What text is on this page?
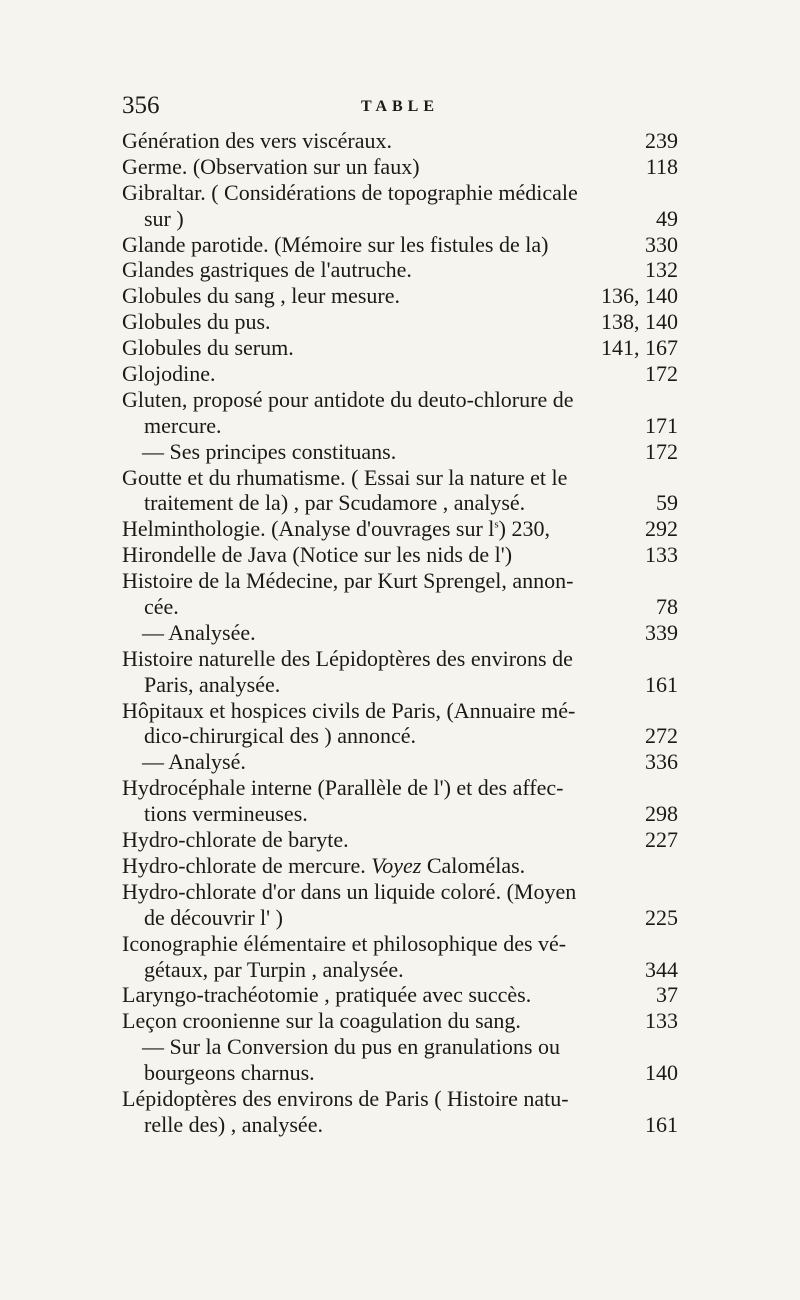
356	TABLE
Génération des vers viscéraux.	239
Germe. (Observation sur un faux)	118
Gibraltar. ( Considérations de topographie médicale
sur )	49
Glande parotide. (Mémoire sur les fistules de la)	330
Glandes gastriques de l'autruche.	132
Globules du sang , leur mesure.	136, 140
Globules du pus.	138, 140
Globules du serum.	141, 167
Glojodine.	172
Gluten, proposé pour antidote du deuto-chlorure de
mercure.	171
— Ses principes constituans.	172
Goutte et du rhumatisme. ( Essai sur la nature et le
traitement de la) , par Scudamore , analysé.	59
Helminthologie. (Analyse d'ouvrages sur $l^s$) 230,	292
Hirondelle de Java (Notice sur les nids de l')	133
Histoire de la Médecine, par Kurt Sprengel, annon-
cée.	78
— Analysée.	339
Histoire naturelle des Lépidoptères des environs de
Paris, analysée.	161
Hôpitaux et hospices civils de Paris, (Annuaire mé-
dico-chirurgical des ) annoncé.	272
— Analysé.	336
Hydrocéphale interne (Parallèle de l') et des affec-
tions vermineuses.	298
Hydro-chlorate de baryte.	227
Hydro-chlorate de mercure. Voyez Calomélas.
Hydro-chlorate d'or dans un liquide coloré. (Moyen
de découvrir l' )	225
Iconographie élémentaire et philosophique des vé-
gétaux, par Turpin , analysée.	344
Laryngo-trachéotomie , pratiquée avec succès.	37
Leçon croonienne sur la coagulation du sang.	133
— Sur la Conversion du pus en granulations ou
bourgeons charnus.	140
Lépidoptères des environs de Paris ( Histoire natu-
relle des) , analysée.	161
